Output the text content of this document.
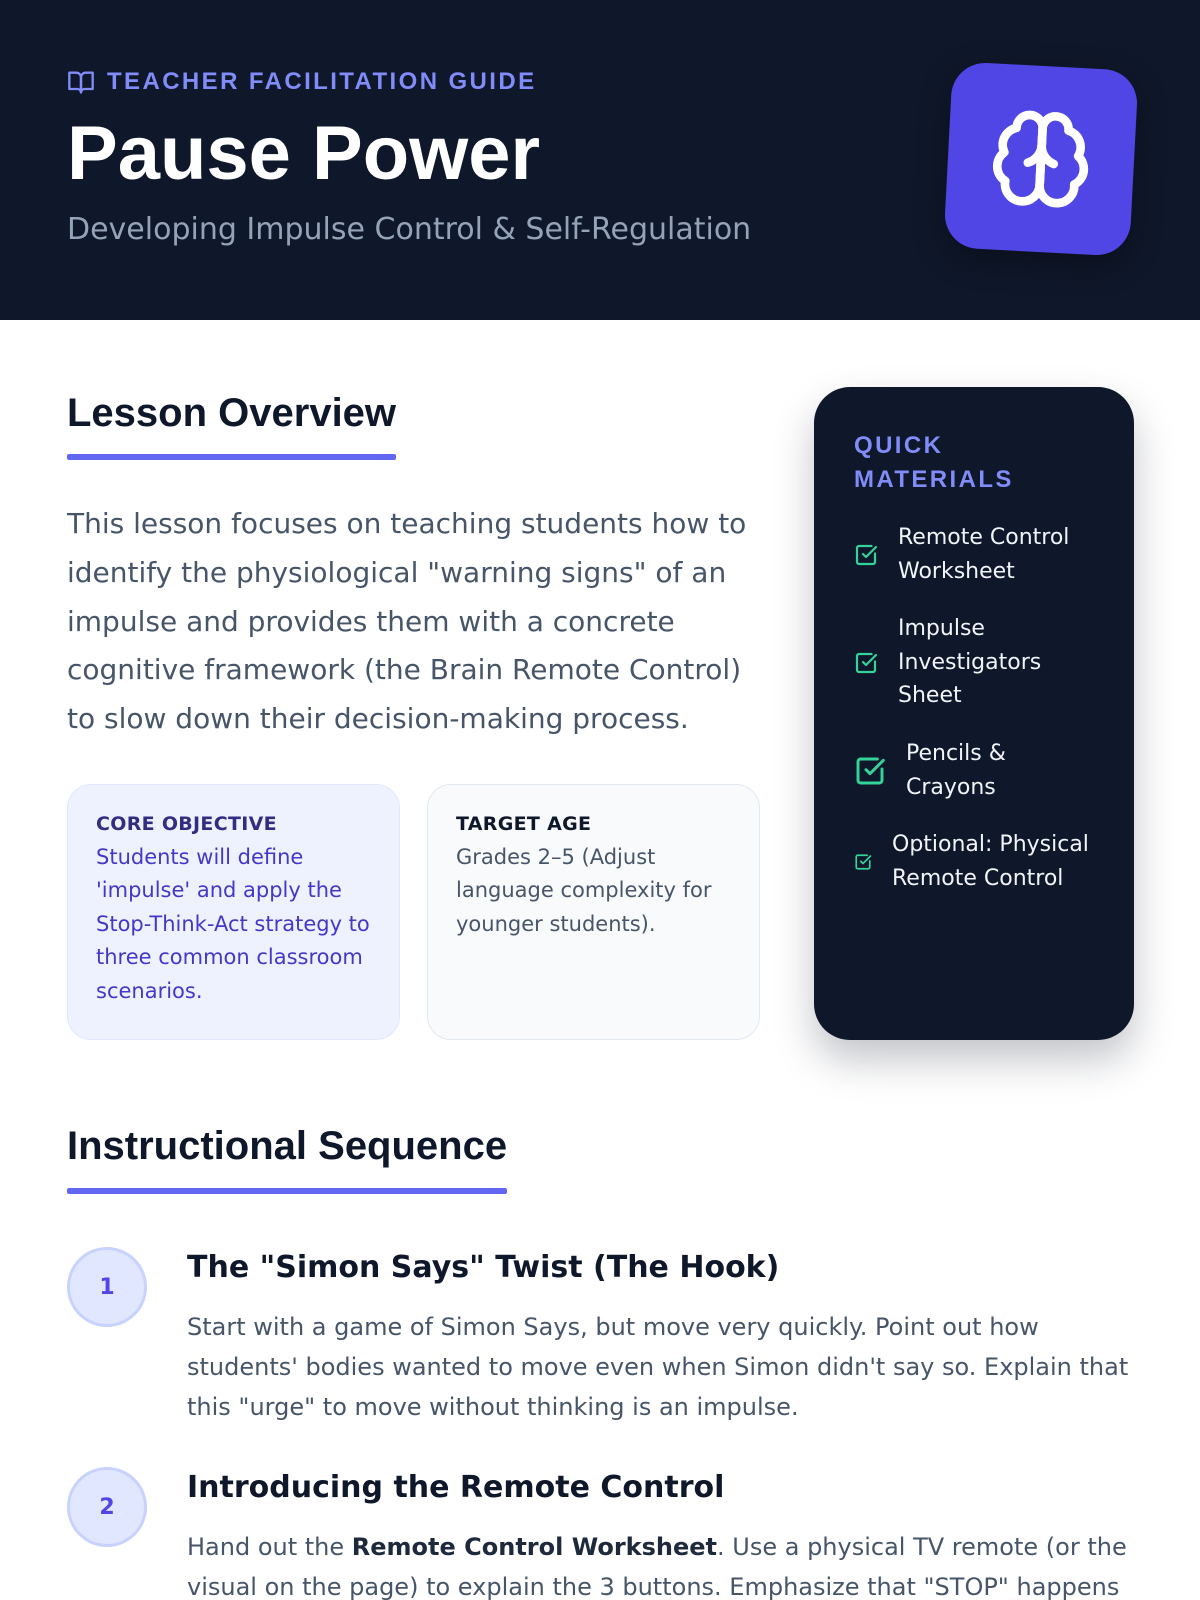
TEACHER FACILITATION GUIDE
Pause Power
Developing Impulse Control & Self-Regulation
Lesson Overview
This lesson focuses on teaching students how to identify the physiological "warning signs" of an impulse and provides them with a concrete cognitive framework (the Brain Remote Control) to slow down their decision-making process.
CORE OBJECTIVE
Students will define 'impulse' and apply the Stop-Think-Act strategy to three common classroom scenarios.
TARGET AGE
Grades 2–5 (Adjust language complexity for younger students).
QUICK MATERIALS
Remote Control Worksheet
Impulse Investigators Sheet
Pencils & Crayons
Optional: Physical Remote Control
Instructional Sequence
1
The "Simon Says" Twist (The Hook)
Start with a game of Simon Says, but move very quickly. Point out how students' bodies wanted to move even when Simon didn't say so. Explain that this "urge" to move without thinking is an impulse.
2
Introducing the Remote Control
Hand out the Remote Control Worksheet. Use a physical TV remote (or the visual on the page) to explain the 3 buttons. Emphasize that "STOP" happens
